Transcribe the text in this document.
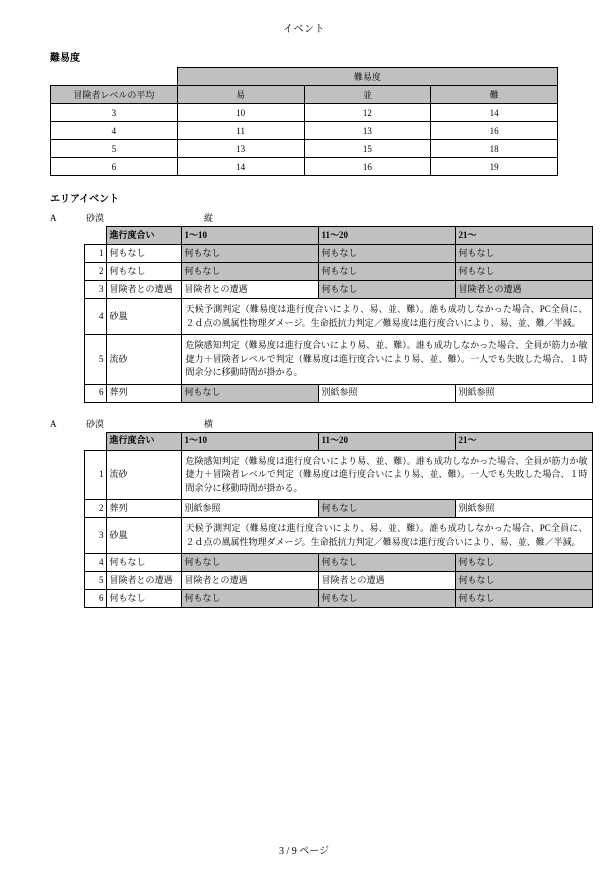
イベント
難易度
	難易度		
冒険者レベルの平均	易	並	難
3	10	12	14
4	11	13	16
5	13	15	18
6	14	16	19
エリアイベント
A	砂漠	縦
	進行度合い	1～10	11～20	21～
1	何もなし	何もなし	何もなし	何もなし
2	何もなし	何もなし	何もなし	何もなし
3	冒険者との遭遇	冒険者との遭遇	何もなし	冒険者との遭遇
4	砂嵐	天候予測判定（難易度は進行度合いにより、易、並、難）。誰も成功しなかった場合、PC全員に、２ｄ点の風属性物理ダメージ。生命抵抗力判定／難易度は進行度合いにより、易、並、難／半減。		
5	流砂	危険感知判定（難易度は進行度合いにより易、並、難）。誰も成功しなかった場合、全員が筋力か敏捷力＋冒険者レベルで判定（難易度は進行度合いにより易、並、難）。一人でも失敗した場合、１時間余分に移動時間が掛かる。		
6	葬列	何もなし	別紙参照	別紙参照
A	砂漠	横
	進行度合い	1～10	11～20	21～
1	流砂	危険感知判定（難易度は進行度合いにより易、並、難）。誰も成功しなかった場合、全員が筋力か敏捷力＋冒険者レベルで判定（難易度は進行度合いにより易、並、難）。一人でも失敗した場合、１時間余分に移動時間が掛かる。		
2	葬列	別紙参照	何もなし	別紙参照
3	砂嵐	天候予測判定（難易度は進行度合いにより、易、並、難）。誰も成功しなかった場合、PC全員に、２ｄ点の風属性物理ダメージ。生命抵抗力判定／難易度は進行度合いにより、易、並、難／半減。		
4	何もなし	何もなし	何もなし	何もなし
5	冒険者との遭遇	冒険者との遭遇	冒険者との遭遇	何もなし
6	何もなし	何もなし	何もなし	何もなし
3 / 9 ページ
